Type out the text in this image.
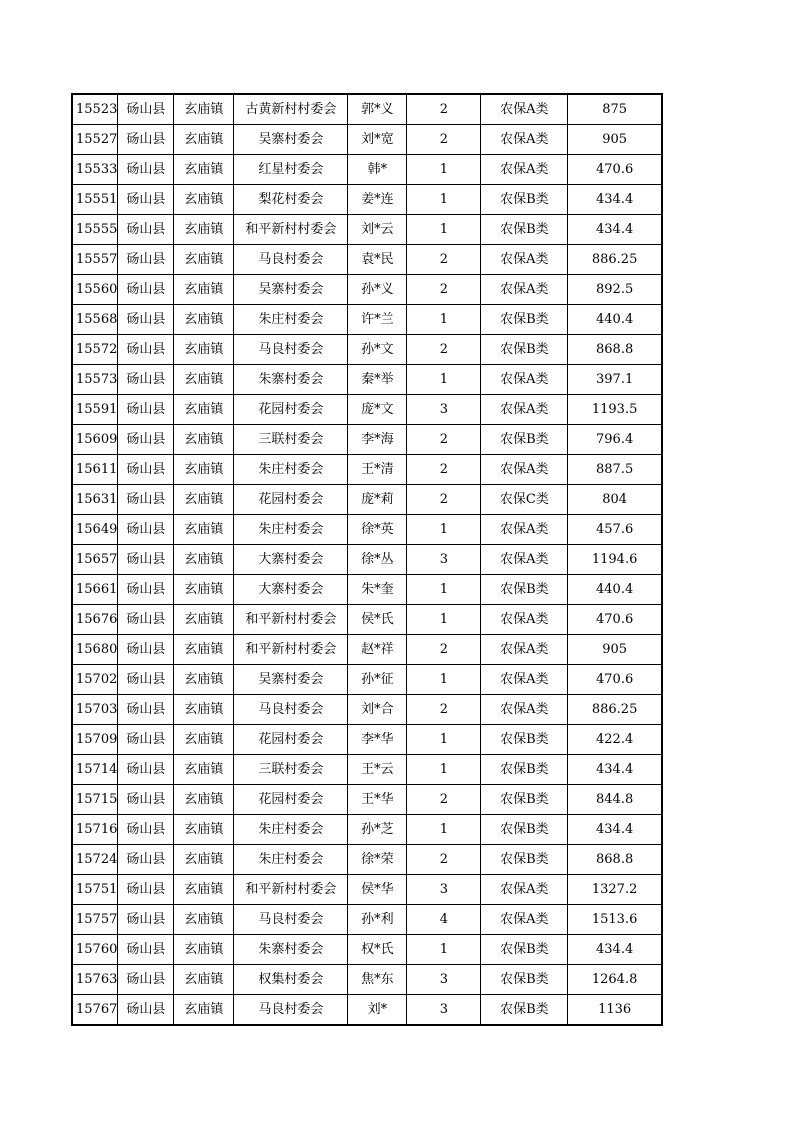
15523	砀山县	玄庙镇	古黄新村村委会	郭*义	2	农保A类	875
15527	砀山县	玄庙镇	吴寨村委会	刘*宽	2	农保A类	905
15533	砀山县	玄庙镇	红星村委会	韩*	1	农保A类	470.6
15551	砀山县	玄庙镇	梨花村委会	姜*连	1	农保B类	434.4
15555	砀山县	玄庙镇	和平新村村委会	刘*云	1	农保B类	434.4
15557	砀山县	玄庙镇	马良村委会	袁*民	2	农保A类	886.25
15560	砀山县	玄庙镇	吴寨村委会	孙*义	2	农保A类	892.5
15568	砀山县	玄庙镇	朱庄村委会	许*兰	1	农保B类	440.4
15572	砀山县	玄庙镇	马良村委会	孙*文	2	农保B类	868.8
15573	砀山县	玄庙镇	朱寨村委会	秦*举	1	农保A类	397.1
15591	砀山县	玄庙镇	花园村委会	庞*文	3	农保A类	1193.5
15609	砀山县	玄庙镇	三联村委会	李*海	2	农保B类	796.4
15611	砀山县	玄庙镇	朱庄村委会	王*清	2	农保A类	887.5
15631	砀山县	玄庙镇	花园村委会	庞*莉	2	农保C类	804
15649	砀山县	玄庙镇	朱庄村委会	徐*英	1	农保A类	457.6
15657	砀山县	玄庙镇	大寨村委会	徐*丛	3	农保A类	1194.6
15661	砀山县	玄庙镇	大寨村委会	朱*奎	1	农保B类	440.4
15676	砀山县	玄庙镇	和平新村村委会	侯*氏	1	农保A类	470.6
15680	砀山县	玄庙镇	和平新村村委会	赵*祥	2	农保A类	905
15702	砀山县	玄庙镇	吴寨村委会	孙*征	1	农保A类	470.6
15703	砀山县	玄庙镇	马良村委会	刘*合	2	农保A类	886.25
15709	砀山县	玄庙镇	花园村委会	李*华	1	农保B类	422.4
15714	砀山县	玄庙镇	三联村委会	王*云	1	农保B类	434.4
15715	砀山县	玄庙镇	花园村委会	王*华	2	农保B类	844.8
15716	砀山县	玄庙镇	朱庄村委会	孙*芝	1	农保B类	434.4
15724	砀山县	玄庙镇	朱庄村委会	徐*荣	2	农保B类	868.8
15751	砀山县	玄庙镇	和平新村村委会	侯*华	3	农保A类	1327.2
15757	砀山县	玄庙镇	马良村委会	孙*利	4	农保A类	1513.6
15760	砀山县	玄庙镇	朱寨村委会	权*氏	1	农保B类	434.4
15763	砀山县	玄庙镇	权集村委会	焦*东	3	农保B类	1264.8
15767	砀山县	玄庙镇	马良村委会	刘*	3	农保B类	1136
